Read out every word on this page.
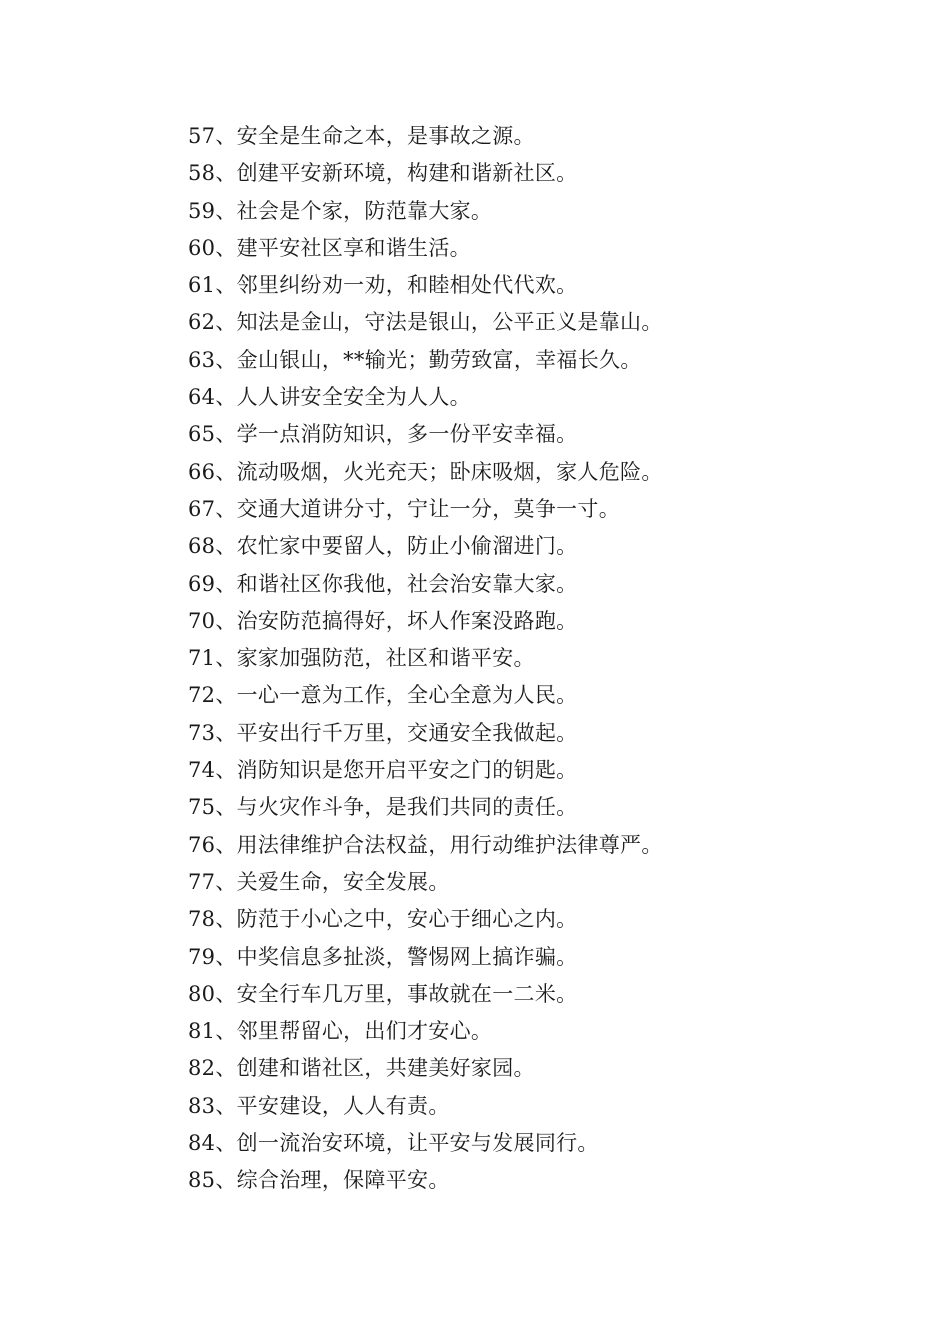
57、安全是生命之本，是事故之源。
58、创建平安新环境，构建和谐新社区。
59、社会是个家，防范靠大家。
60、建平安社区享和谐生活。
61、邻里纠纷劝一劝，和睦相处代代欢。
62、知法是金山，守法是银山，公平正义是靠山。
63、金山银山，**输光；勤劳致富，幸福长久。
64、人人讲安全安全为人人。
65、学一点消防知识，多一份平安幸福。
66、流动吸烟，火光充天；卧床吸烟，家人危险。
67、交通大道讲分寸，宁让一分，莫争一寸。
68、农忙家中要留人，防止小偷溜进门。
69、和谐社区你我他，社会治安靠大家。
70、治安防范搞得好，坏人作案没路跑。
71、家家加强防范，社区和谐平安。
72、一心一意为工作，全心全意为人民。
73、平安出行千万里，交通安全我做起。
74、消防知识是您开启平安之门的钥匙。
75、与火灾作斗争，是我们共同的责任。
76、用法律维护合法权益，用行动维护法律尊严。
77、关爱生命，安全发展。
78、防范于小心之中，安心于细心之内。
79、中奖信息多扯淡，警惕网上搞诈骗。
80、安全行车几万里，事故就在一二米。
81、邻里帮留心，出们才安心。
82、创建和谐社区，共建美好家园。
83、平安建设，人人有责。
84、创一流治安环境，让平安与发展同行。
85、综合治理，保障平安。
